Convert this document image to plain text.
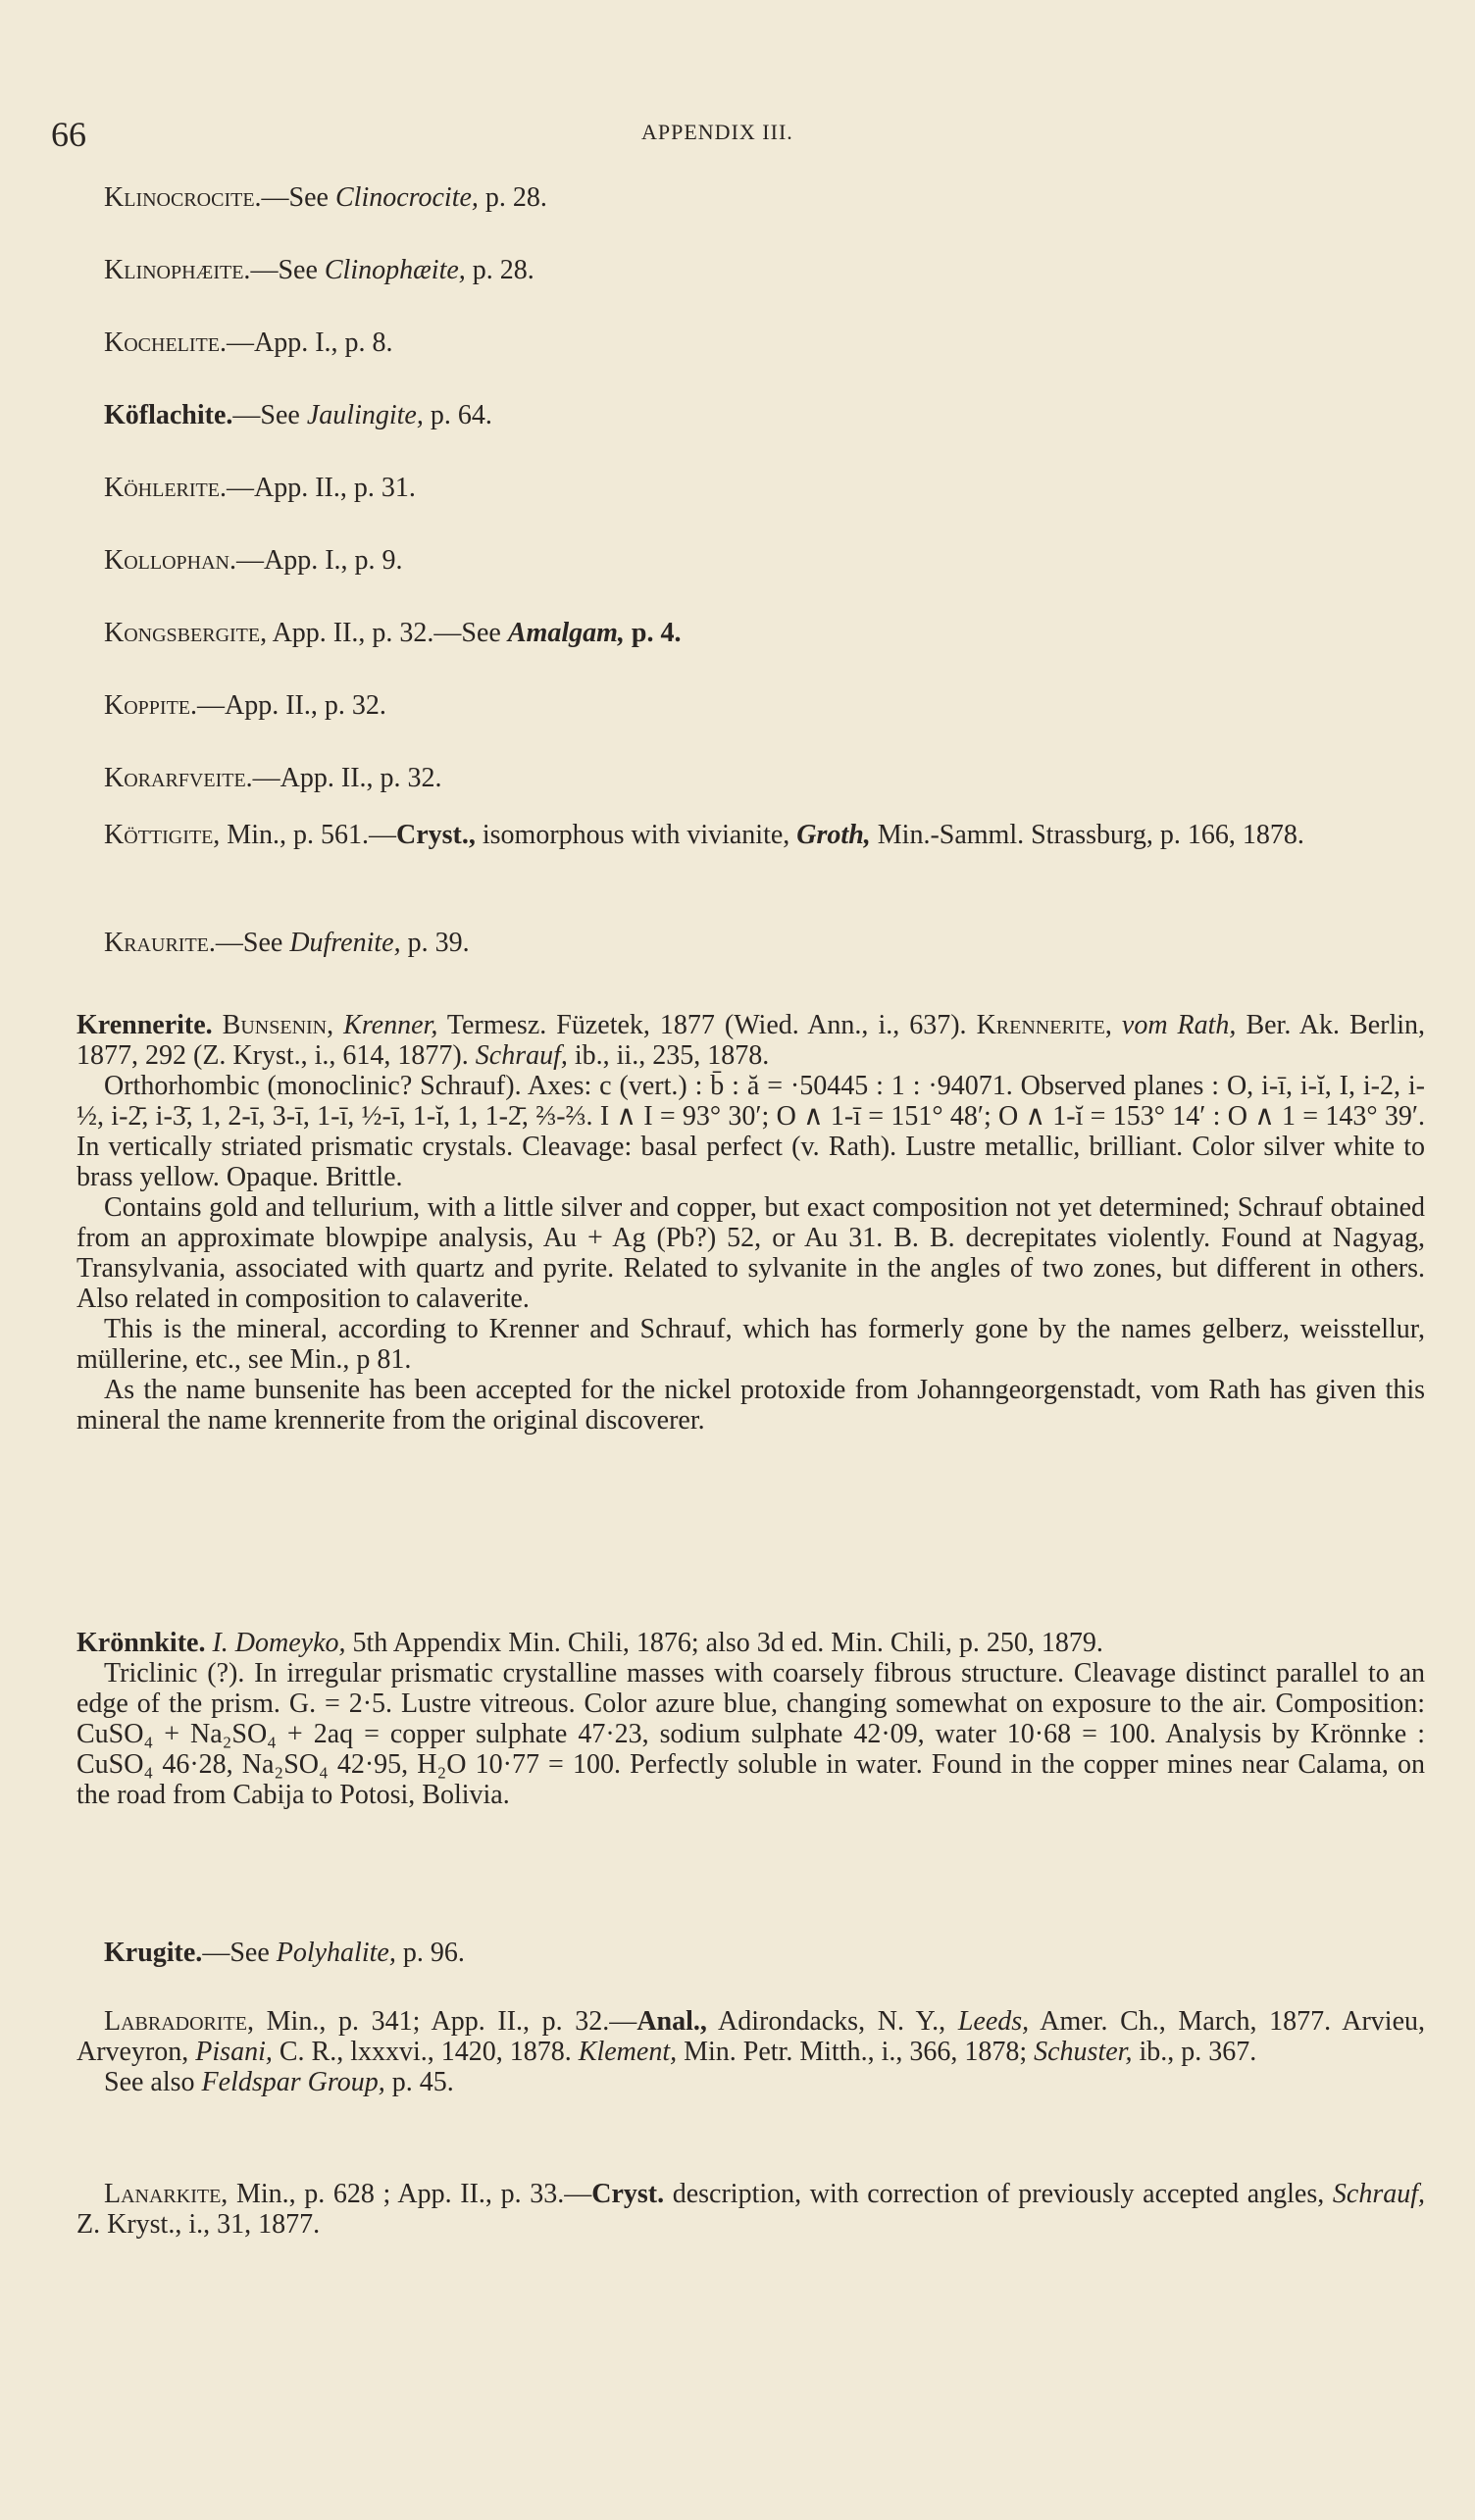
66	APPENDIX III.
Klinocrocite.—See Clinocrocite, p. 28.
Klinophæite.—See Clinophæite, p. 28.
Kochelite.—App. I., p. 8.
Köflachite.—See Jaulingite, p. 64.
Köhlerite.—App. II., p. 31.
Kollophan.—App. I., p. 9.
Kongsbergite, App. II., p. 32.—See Amalgam, p. 4.
Koppite.—App. II., p. 32.
Korarfveite.—App. II., p. 32.

Köttigite, Min., p. 561.—Cryst., isomorphous with vivianite, Groth, Min.-Samml. Strassburg, p. 166, 1878.

Kraurite.—See Dufrenite, p. 39.

Krennerite. Bunsenin, Krenner, Termesz. Füzetek, 1877 (Wied. Ann., i., 637). Krennerite, vom Rath, Ber. Ak. Berlin, 1877, 292 (Z. Kryst., i., 614, 1877). Schrauf, ib., ii., 235, 1878.

Orthorhombic (monoclinic? Schrauf). Axes: c (vert.) : b̄ : ă = ·50445 : 1 : ·94071. Observed planes : O, i-ī, i-ĭ, I, i-2, i-½, i-2̄, i-3̄, 1, 2-ī, 3-ī, 1-ī, ½-ī, 1-ĭ, 1, 1-2̄, ⅔-⅔. I ∧ I = 93° 30′; O ∧ 1-ī = 151° 48′; O ∧ 1-ĭ = 153° 14′ : O ∧ 1 = 143° 39′. In vertically striated prismatic crystals. Cleavage: basal perfect (v. Rath). Lustre metallic, brilliant. Color silver white to brass yellow. Opaque. Brittle.

Contains gold and tellurium, with a little silver and copper, but exact composition not yet determined; Schrauf obtained from an approximate blowpipe analysis, Au + Ag (Pb?) 52, or Au 31. B. B. decrepitates violently. Found at Nagyag, Transylvania, associated with quartz and pyrite. Related to sylvanite in the angles of two zones, but different in others. Also related in composition to calaverite.

This is the mineral, according to Krenner and Schrauf, which has formerly gone by the names gelberz, weisstellur, müllerine, etc., see Min., p 81.

As the name bunsenite has been accepted for the nickel protoxide from Johanngeorgenstadt, vom Rath has given this mineral the name krennerite from the original discoverer.

Krönnkite. I. Domeyko, 5th Appendix Min. Chili, 1876; also 3d ed. Min. Chili, p. 250, 1879.

Triclinic (?). In irregular prismatic crystalline masses with coarsely fibrous structure. Cleavage distinct parallel to an edge of the prism. G. = 2·5. Lustre vitreous. Color azure blue, changing somewhat on exposure to the air. Composition: CuSO₄ + Na₂SO₄ + 2aq = copper sulphate 47·23, sodium sulphate 42·09, water 10·68 = 100. Analysis by Krönnke : CuSO₄ 46·28, Na₂SO₄ 42·95, H₂O 10·77 = 100. Perfectly soluble in water. Found in the copper mines near Calama, on the road from Cabija to Potosi, Bolivia.

Krugite.—See Polyhalite, p. 96.

Labradorite, Min., p. 341; App. II., p. 32.—Anal., Adirondacks, N. Y., Leeds, Amer. Ch., March, 1877. Arvieu, Arveyron, Pisani, C. R., lxxxvi., 1420, 1878. Klement, Min. Petr. Mitth., i., 366, 1878; Schuster, ib., p. 367.

See also Feldspar Group, p. 45.

Lanarkite, Min., p. 628 ; App. II., p. 33.—Cryst. description, with correction of previously accepted angles, Schrauf, Z. Kryst., i., 31, 1877.
